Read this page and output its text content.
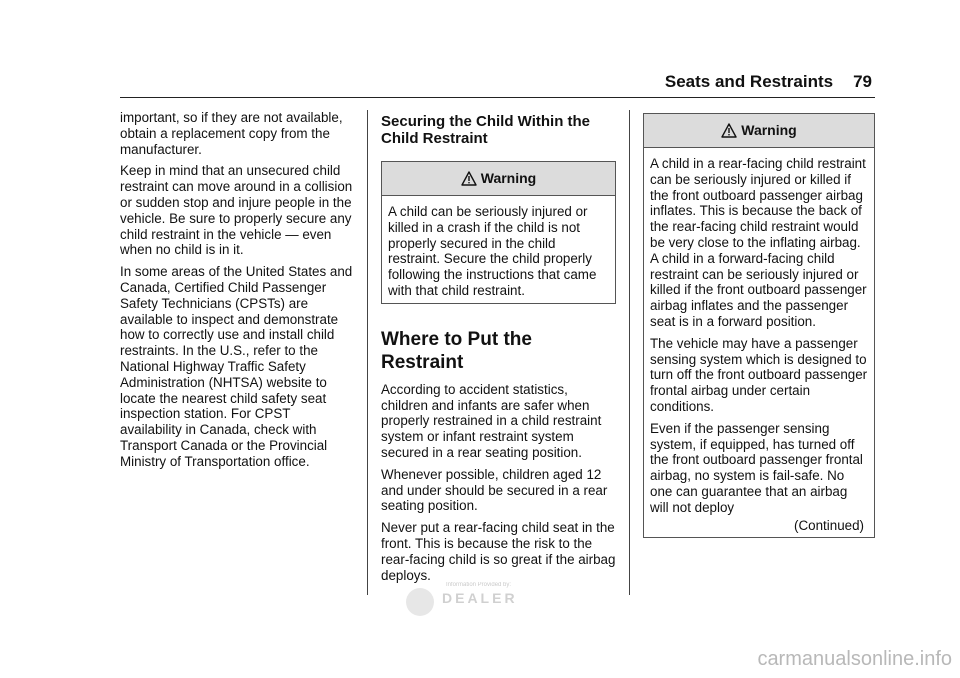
Seats and Restraints 79

important, so if they are not available, obtain a replacement copy from the manufacturer.

Keep in mind that an unsecured child restraint can move around in a collision or sudden stop and injure people in the vehicle. Be sure to properly secure any child restraint in the vehicle — even when no child is in it.

In some areas of the United States and Canada, Certified Child Passenger Safety Technicians (CPSTs) are available to inspect and demonstrate how to correctly use and install child restraints. In the U.S., refer to the National Highway Traffic Safety Administration (NHTSA) website to locate the nearest child safety seat inspection station. For CPST availability in Canada, check with Transport Canada or the Provincial Ministry of Transportation office.

Securing the Child Within the Child Restraint
Warning
A child can be seriously injured or killed in a crash if the child is not properly secured in the child restraint. Secure the child properly following the instructions that came with that child restraint.
Where to Put the Restraint

According to accident statistics, children and infants are safer when properly restrained in a child restraint system or infant restraint system secured in a rear seating position.

Whenever possible, children aged 12 and under should be secured in a rear seating position.

Never put a rear-facing child seat in the front. This is because the risk to the rear-facing child is so great if the airbag deploys.

Warning

A child in a rear-facing child restraint can be seriously injured or killed if the front outboard passenger airbag inflates. This is because the back of the rear-facing child restraint would be very close to the inflating airbag. A child in a forward-facing child restraint can be seriously injured or killed if the front outboard passenger airbag inflates and the passenger seat is in a forward position.

The vehicle may have a passenger sensing system which is designed to turn off the front outboard passenger frontal airbag under certain conditions.

Even if the passenger sensing system, if equipped, has turned off the front outboard passenger frontal airbag, no system is fail-safe. No one can guarantee that an airbag will not deploy

(Continued)
Information Provided by:
DEALER
carmanualsonline.info
